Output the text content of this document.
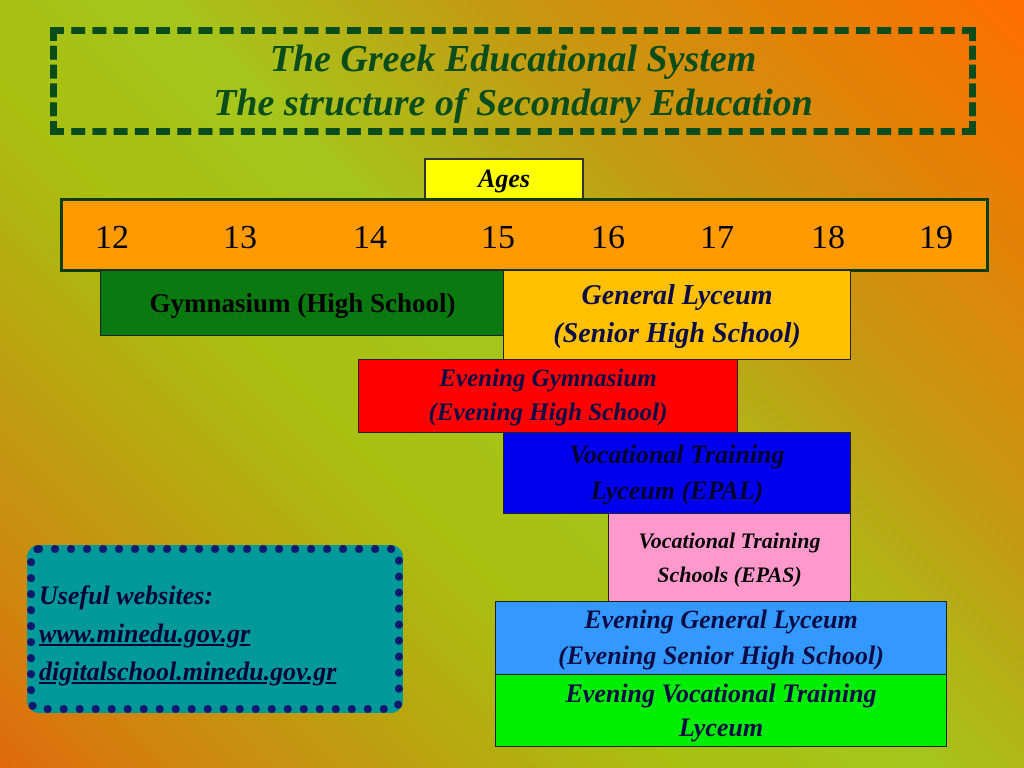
The Greek Educational System
The structure of Secondary Education
Ages
12	13	14	15 16 17 18 19
Gymnasium (High School)	General Lyceum
(Senior High School)
Evening Gymnasium
(Evening High School)
Vocational Training
Lyceum (EPAL)
Vocational Training
Schools (EPAS)
Evening General Lyceum
(Evening Senior High School)
Evening Vocational Training
Lyceum
Useful websites:
www.minedu.gov.gr
digitalschool.minedu.gov.gr
